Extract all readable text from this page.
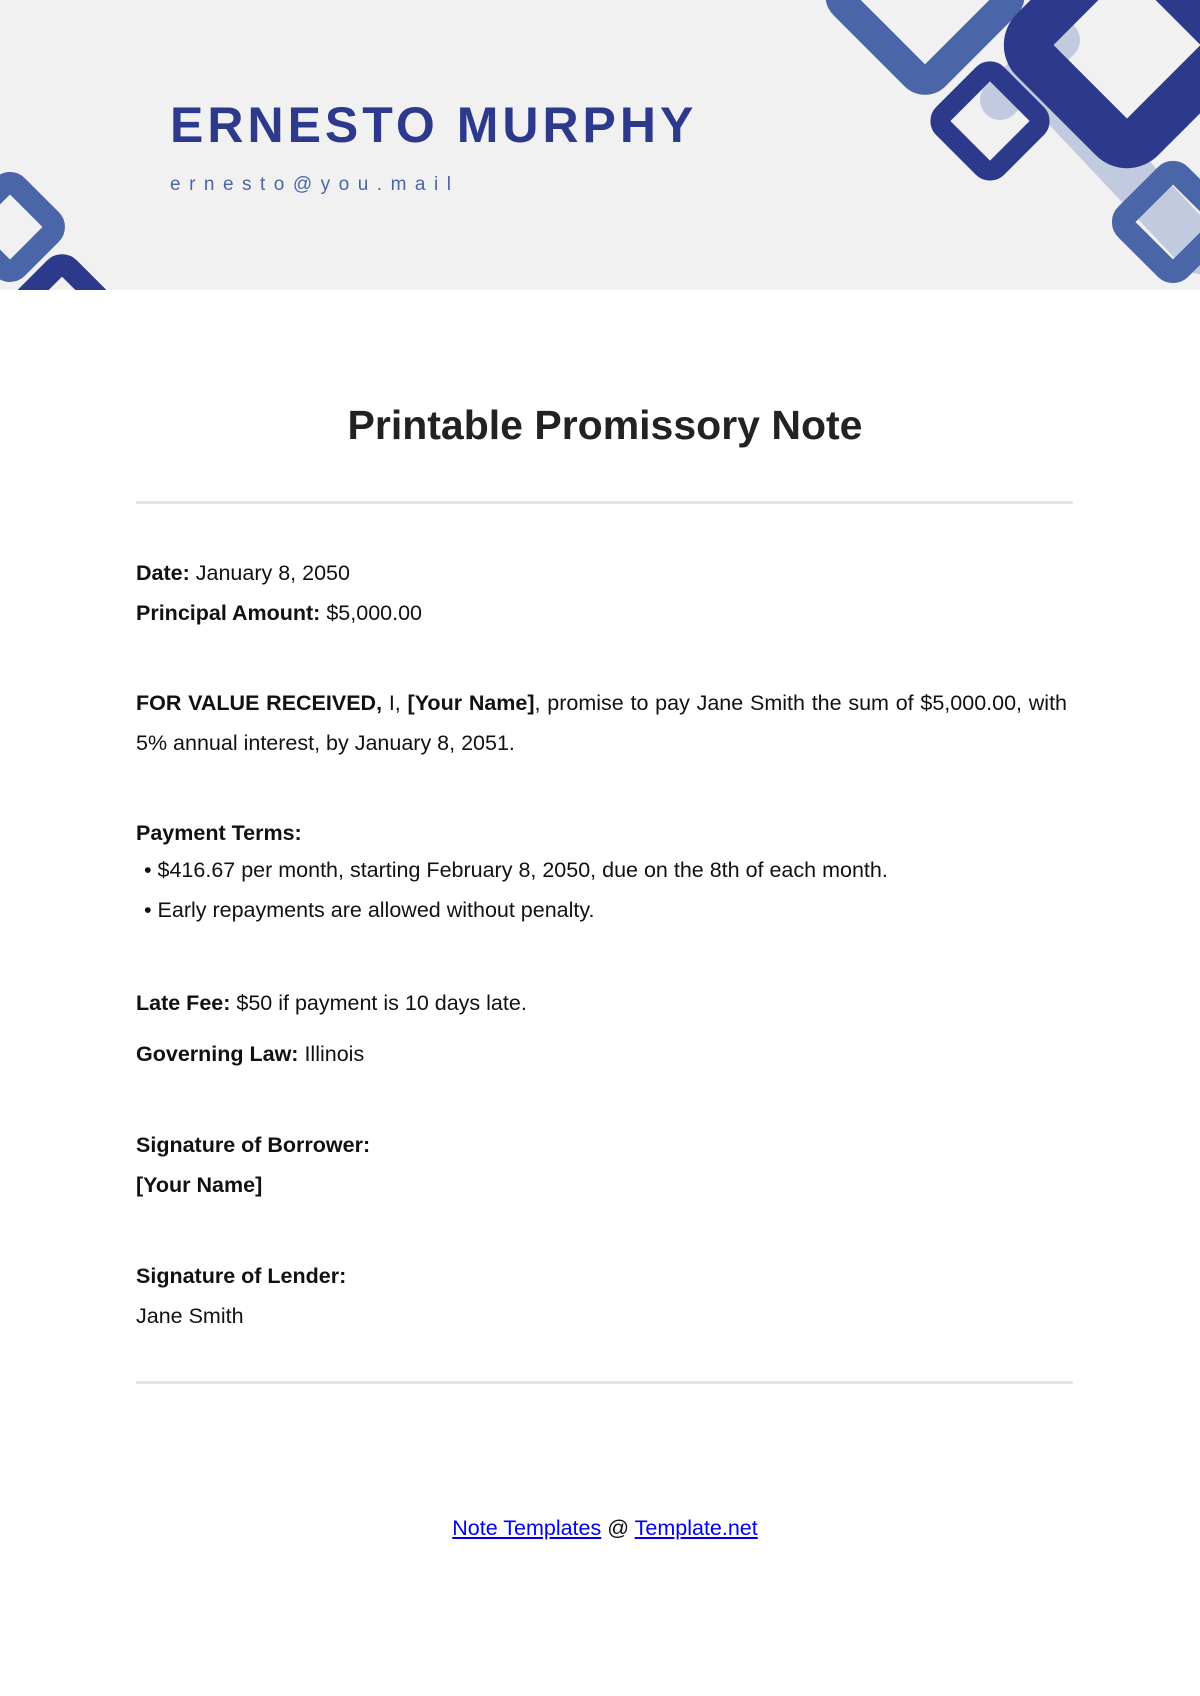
ERNESTO MURPHY
ernesto@you.mail
Printable Promissory Note
Date: January 8, 2050
Principal Amount: $5,000.00
FOR VALUE RECEIVED, I, [Your Name], promise to pay Jane Smith the sum of $5,000.00, with 5% annual interest, by January 8, 2051.
Payment Terms:
• $416.67 per month, starting February 8, 2050, due on the 8th of each month.
• Early repayments are allowed without penalty.
Late Fee: $50 if payment is 10 days late.
Governing Law: Illinois
Signature of Borrower:
[Your Name]
Signature of Lender:
Jane Smith
Note Templates @ Template.net
